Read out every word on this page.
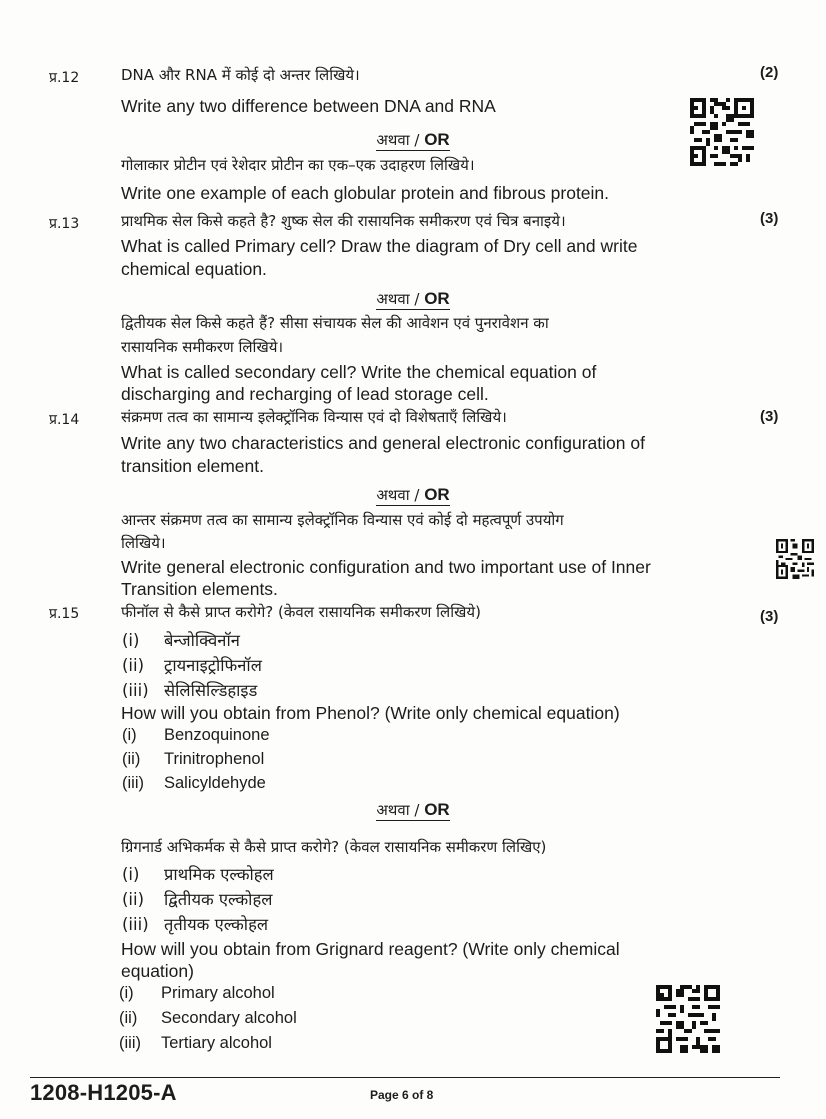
प्र.12	(2)
DNA और RNA में कोई दो अन्तर लिखिये।
Write any two difference between DNA and RNA
अथवा / OR
गोलाकार प्रोटीन एवं रेशेदार प्रोटीन का एक–एक उदाहरण लिखिये।
Write one example of each globular protein and fibrous protein.
प्र.13	(3)
प्राथमिक सेल किसे कहते है? शुष्क सेल की रासायनिक समीकरण एवं चित्र बनाइये।
What is called Primary cell? Draw the diagram of Dry cell and write
chemical equation.
अथवा / OR
द्वितीयक सेल किसे कहते हैं? सीसा संचायक सेल की आवेशन एवं पुनरावेशन का
रासायनिक समीकरण लिखिये।
What is called secondary cell? Write the chemical equation of
discharging and recharging of lead storage cell.
प्र.14	(3)
संक्रमण तत्व का सामान्य इलेक्ट्रॉनिक विन्यास एवं दो विशेषताएँ लिखिये।
Write any two characteristics and general electronic configuration of
transition element.
अथवा / OR
आन्तर संक्रमण तत्व का सामान्य इलेक्ट्रॉनिक विन्यास एवं कोई दो महत्वपूर्ण उपयोग
लिखिये।
Write general electronic configuration and two important use of Inner
Transition elements.
प्र.15	(3)
फीनॉल से कैसे प्राप्त करोगे? (केवल रासायनिक समीकरण लिखिये)
(i) बेन्जोक्विनॉन
(ii) ट्रायनाइट्रोफिनॉल
(iii) सेलिसिल्डिहाइड
How will you obtain from Phenol? (Write only chemical equation)
(i) Benzoquinone
(ii) Trinitrophenol
(iii) Salicyldehyde
अथवा / OR
ग्रिगनार्ड अभिकर्मक से कैसे प्राप्त करोगे? (केवल रासायनिक समीकरण लिखिए)
(i) प्राथमिक एल्कोहल
(ii) द्वितीयक एल्कोहल
(iii) तृतीयक एल्कोहल
How will you obtain from Grignard reagent? (Write only chemical
equation)
(i) Primary alcohol
(ii) Secondary alcohol
(iii) Tertiary alcohol
1208-H1205-A	Page 6 of 8
